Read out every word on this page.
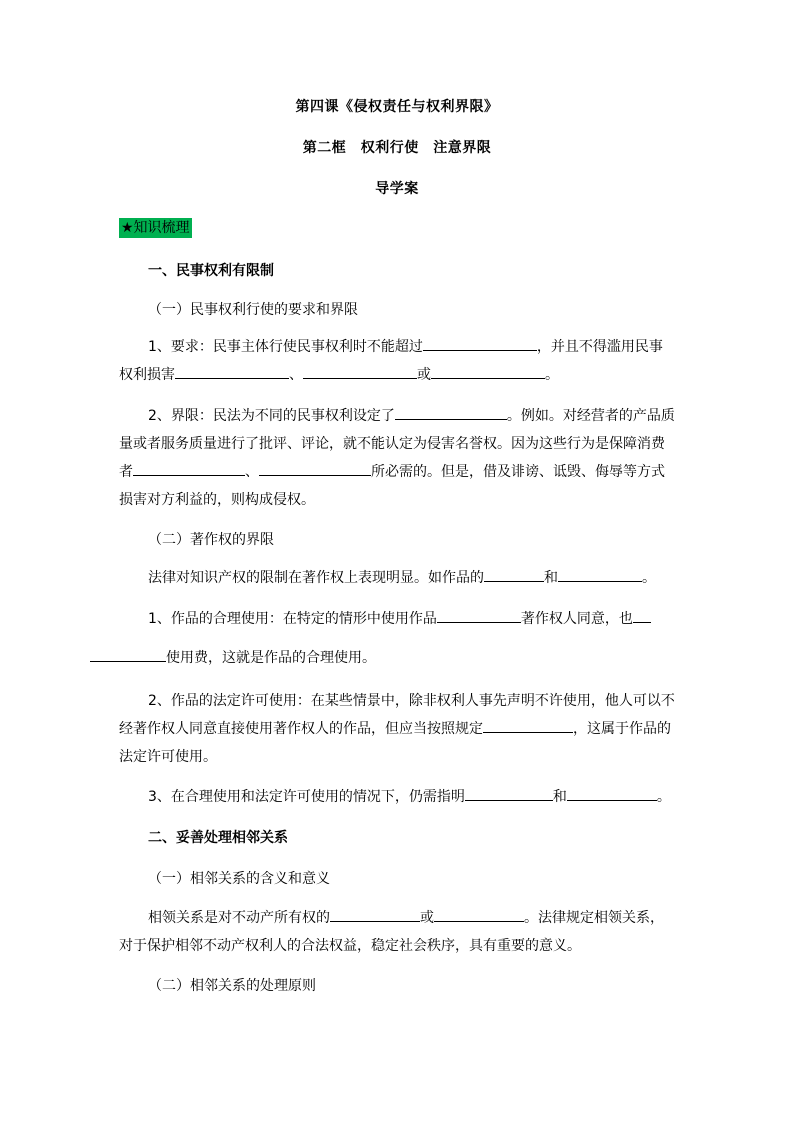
第四课《侵权责任与权利界限》
第二框　权利行使　注意界限
导学案
★知识梳理
一、民事权利有限制
（一）民事权利行使的要求和界限

1、要求：民事主体行使民事权利时不能超过	，并且不得滥用民事权利损害	、	或	。

2、界限：民法为不同的民事权利设定了	。例如。对经营者的产品质量或者服务质量进行了批评、评论，就不能认定为侵害名誉权。因为这些行为是保障消费者	、	所必需的。但是，借及诽谤、诋毁、侮辱等方式损害对方利益的，则构成侵权。

（二）著作权的界限

法律对知识产权的限制在著作权上表现明显。如作品的	和	。

1、作品的合理使用：在特定的情形中使用作品	著作权人同意，也
使用费，这就是作品的合理使用。

2、作品的法定许可使用：在某些情景中，除非权利人事先声明不许使用，他人可以不经著作权人同意直接使用著作权人的作品，但应当按照规定	，这属于作品的法定许可使用。

3、在合理使用和法定许可使用的情况下，仍需指明	和	。

二、妥善处理相邻关系
（一）相邻关系的含义和意义

相领关系是对不动产所有权的	或	。法律规定相领关系，对于保护相邻不动产权利人的合法权益，稳定社会秩序，具有重要的意义。

（二）相邻关系的处理原则
